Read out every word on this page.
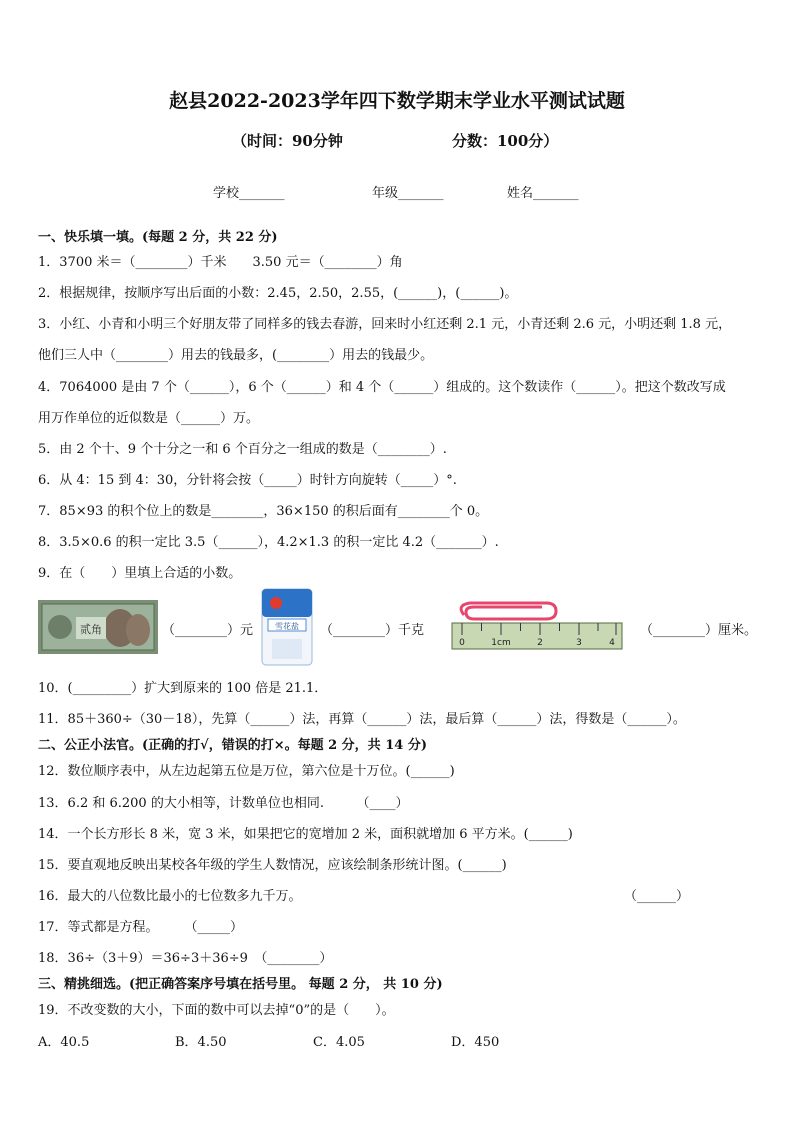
赵县2022-2023学年四下数学期末学业水平测试试题
（时间：90分钟	分数：100分）
学校_______	年级_______	姓名_______
一、快乐填一填。(每题 2 分，共 22 分)
1．3700 米＝（________）千米　　3.50 元＝（________）角
2．根据规律，按顺序写出后面的小数：2.45，2.50，2.55，(______)，(______)。
3．小红、小青和小明三个好朋友带了同样多的钱去春游，回来时小红还剩 2.1 元，小青还剩 2.6 元，小明还剩 1.8 元，
他们三人中（________）用去的钱最多，(________）用去的钱最少。
4．7064000 是由 7 个（______），6 个（______）和 4 个（______）组成的。这个数读作（______）。把这个数改写成
用万作单位的近似数是（______）万。
5．由 2 个十、9 个十分之一和 6 个百分之一组成的数是（________）.
6．从 4：15 到 4：30，分针将会按（_____）时针方向旋转（_____）°.
7．85×93 的积个位上的数是________，36×150 的积后面有________个 0。
8．3.5×0.6 的积一定比 3.5（______），4.2×1.3 的积一定比 4.2（_______）.
9．在（　　）里填上合适的小数。
贰角	（________）元	雪花盐 （________）千克
0	1cm	2	3	4
（________）厘米。
10．(_________）扩大到原来的 100 倍是 21.1．
11．85＋360÷（30－18），先算（______）法，再算（______）法，最后算（______）法，得数是（______）。
二、公正小法官。(正确的打√，错误的打×。每题 2 分，共 14 分)
12．数位顺序表中，从左边起第五位是万位，第六位是十万位。(______)
13．6.2 和 6.200 的大小相等，计数单位也相同.　　　（____）
14．一个长方形长 8 米，宽 3 米，如果把它的宽增加 2 米，面积就增加 6 平方米。(______)
15．要直观地反映出某校各年级的学生人数情况，应该绘制条形统计图。(______)
16．最大的八位数比最小的七位数多九千万。	（______）
17．等式都是方程。　　　（_____）
18．36÷（3＋9）＝36÷3＋36÷9　（________）
三、精挑细选。(把正确答案序号填在括号里。 每题 2 分， 共 10 分)
19．不改变数的大小，下面的数中可以去掉“0”的是（　　）。
A．40.5	B．4.50	C．4.05	D．450
